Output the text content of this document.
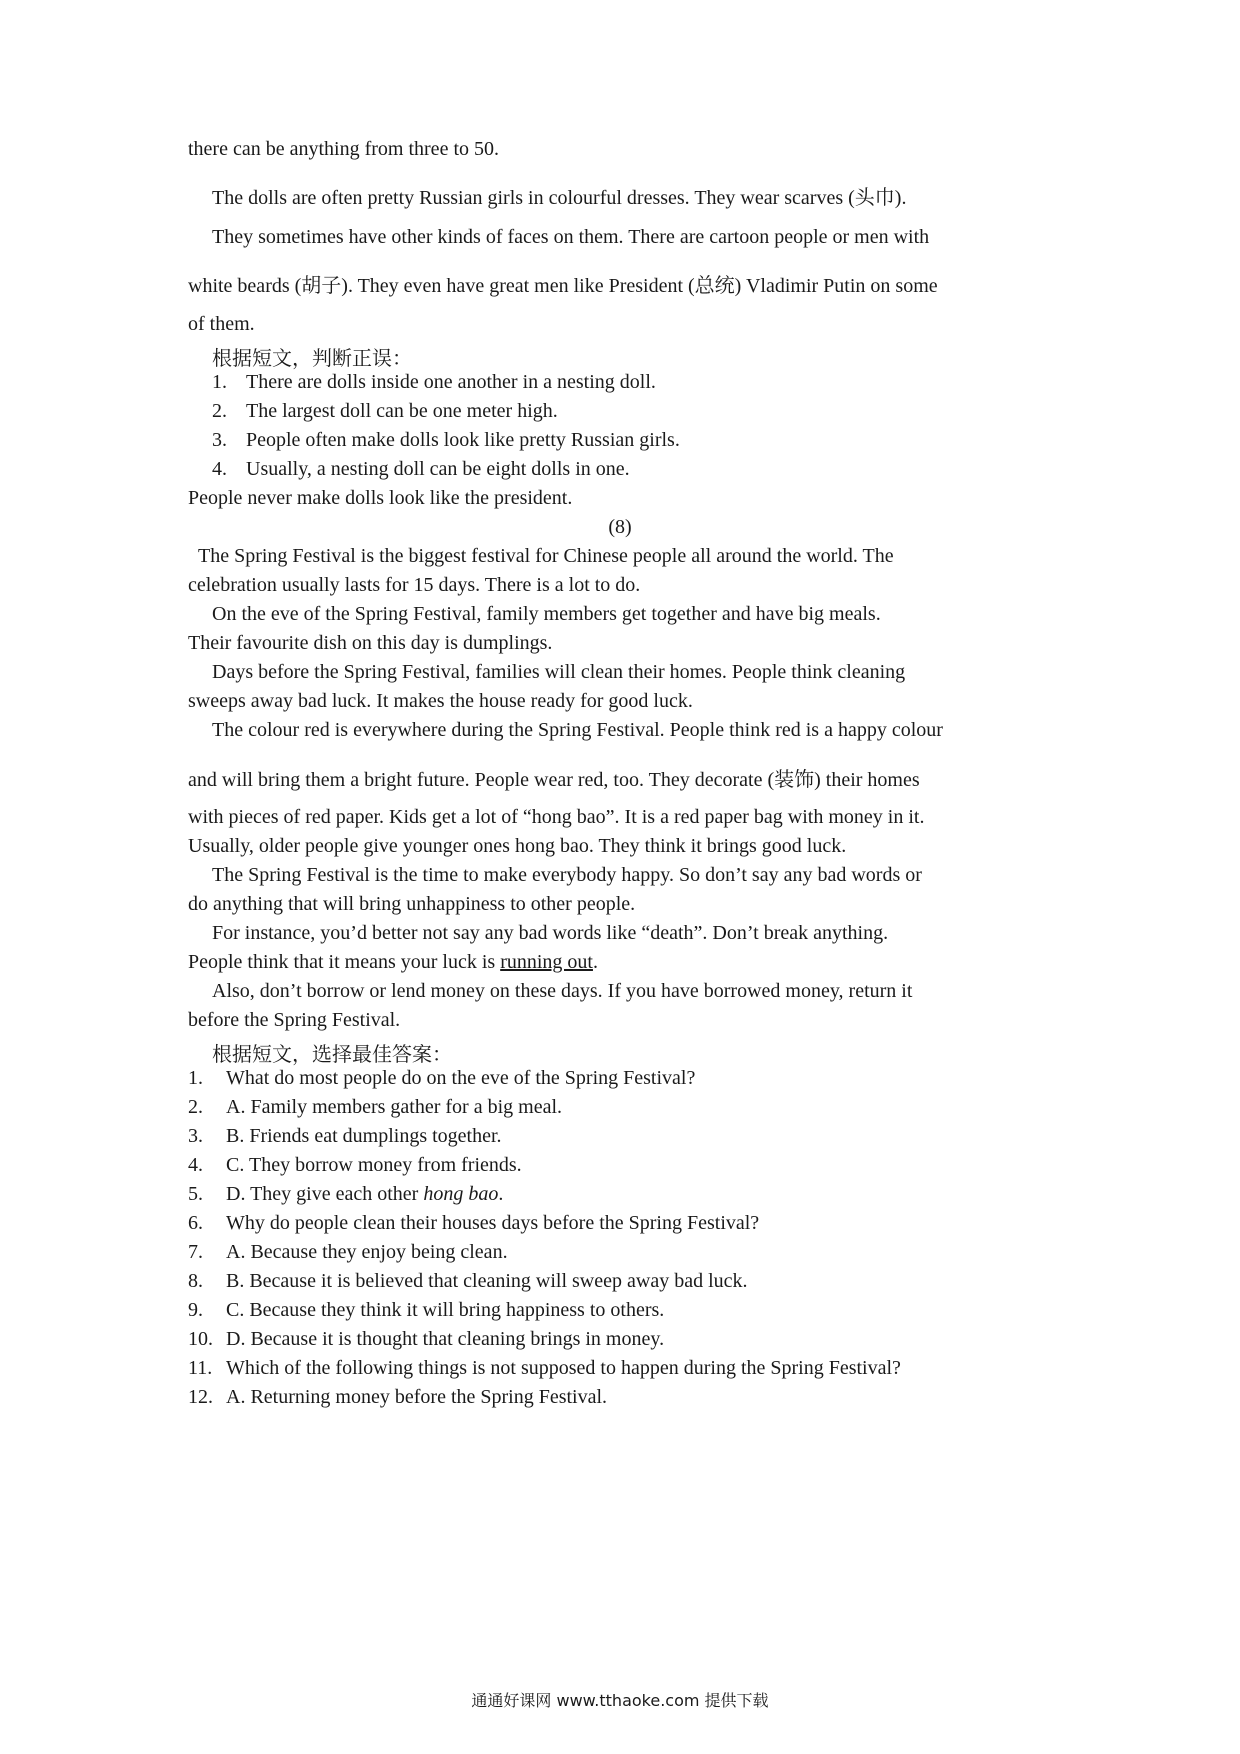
there can be anything from three to 50.
The dolls are often pretty Russian girls in colourful dresses. They wear scarves (头巾).
They sometimes have other kinds of faces on them. There are cartoon people or men with
white beards (胡子). They even have great men like President (总统) Vladimir Putin on some
of them.
根据短文，判断正误：
1. There are dolls inside one another in a nesting doll.
2. The largest doll can be one meter high.
3. People often make dolls look like pretty Russian girls.
4. Usually, a nesting doll can be eight dolls in one.
People never make dolls look like the president.
(8)
The Spring Festival is the biggest festival for Chinese people all around the world. The
celebration usually lasts for 15 days. There is a lot to do.
On the eve of the Spring Festival, family members get together and have big meals.
Their favourite dish on this day is dumplings.
Days before the Spring Festival, families will clean their homes. People think cleaning
sweeps away bad luck. It makes the house ready for good luck.
The colour red is everywhere during the Spring Festival. People think red is a happy colour
and will bring them a bright future. People wear red, too. They decorate (装饰) their homes
with pieces of red paper. Kids get a lot of “hong bao”. It is a red paper bag with money in it.
Usually, older people give younger ones hong bao. They think it brings good luck.
The Spring Festival is the time to make everybody happy. So don’t say any bad words or
do anything that will bring unhappiness to other people.
For instance, you’d better not say any bad words like “death”. Don’t break anything.
People think that it means your luck is running out.
Also, don’t borrow or lend money on these days. If you have borrowed money, return it
before the Spring Festival.
根据短文，选择最佳答案：
1. What do most people do on the eve of the Spring Festival?
2. A. Family members gather for a big meal.
3. B. Friends eat dumplings together.
4. C. They borrow money from friends.
5. D. They give each other hong bao.
6. Why do people clean their houses days before the Spring Festival?
7. A. Because they enjoy being clean.
8. B. Because it is believed that cleaning will sweep away bad luck.
9. C. Because they think it will bring happiness to others.
10. D. Because it is thought that cleaning brings in money.
11. Which of the following things is not supposed to happen during the Spring Festival?
12. A. Returning money before the Spring Festival.
通通好课网 www.tthaoke.com 提供下载
